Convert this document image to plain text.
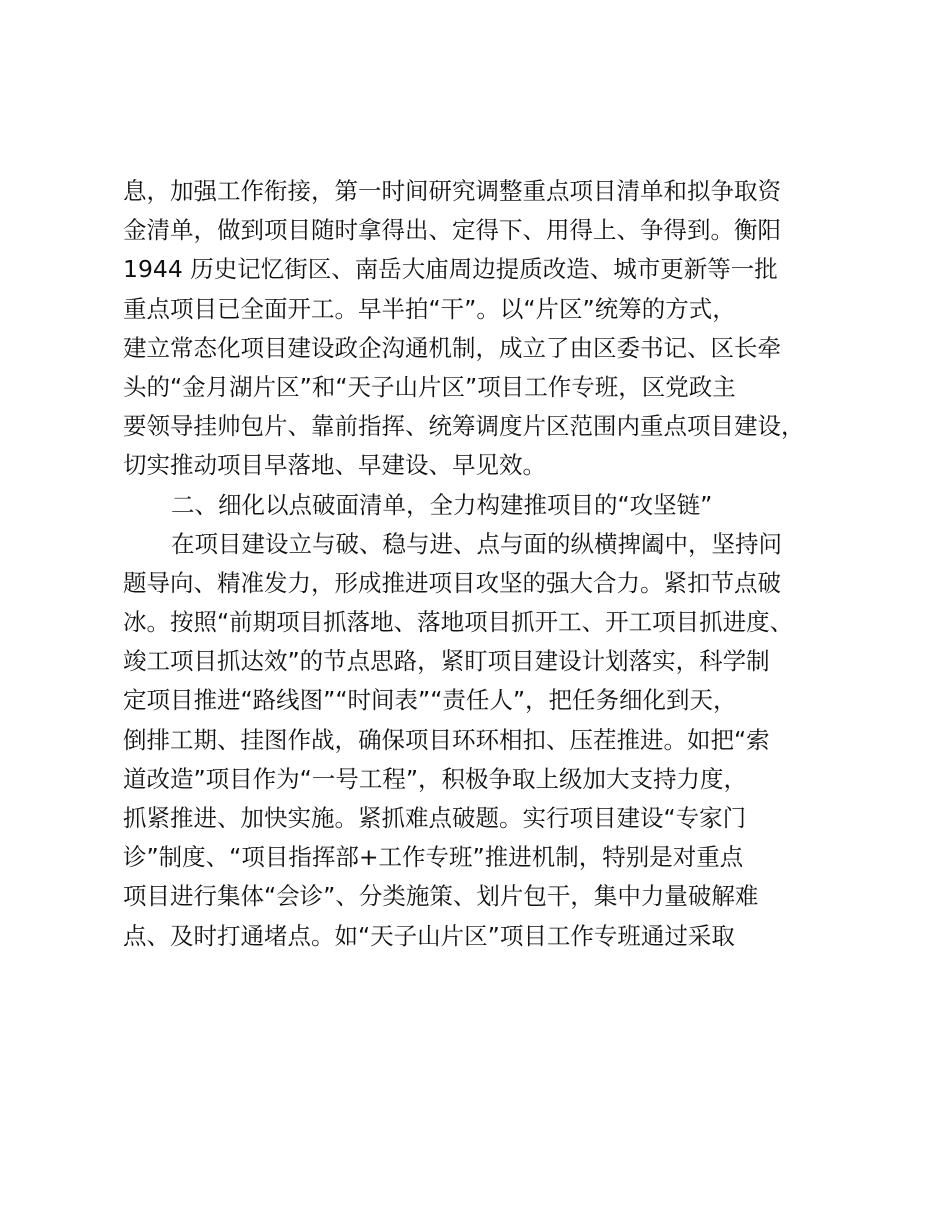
息，加强工作衔接，第一时间研究调整重点项目清单和拟争取资
金清单，做到项目随时拿得出、定得下、用得上、争得到。衡阳
1944 历史记忆街区、南岳大庙周边提质改造、城市更新等一批
重点项目已全面开工。早半拍“干”。以“片区”统筹的方式，
建立常态化项目建设政企沟通机制，成立了由区委书记、区长牵
头的“金月湖片区”和“天子山片区”项目工作专班，区党政主
要领导挂帅包片、靠前指挥、统筹调度片区范围内重点项目建设，
切实推动项目早落地、早建设、早见效。
二、细化以点破面清单，全力构建推项目的“攻坚链”
在项目建设立与破、稳与进、点与面的纵横捭阖中，坚持问
题导向、精准发力，形成推进项目攻坚的强大合力。紧扣节点破
冰。按照“前期项目抓落地、落地项目抓开工、开工项目抓进度、
竣工项目抓达效”的节点思路，紧盯项目建设计划落实，科学制
定项目推进“路线图”“时间表”“责任人”，把任务细化到天，
倒排工期、挂图作战，确保项目环环相扣、压茬推进。如把“索
道改造”项目作为“一号工程”，积极争取上级加大支持力度，
抓紧推进、加快实施。紧抓难点破题。实行项目建设“专家门
诊”制度、“项目指挥部+工作专班”推进机制，特别是对重点
项目进行集体“会诊”、分类施策、划片包干，集中力量破解难
点、及时打通堵点。如“天子山片区”项目工作专班通过采取
